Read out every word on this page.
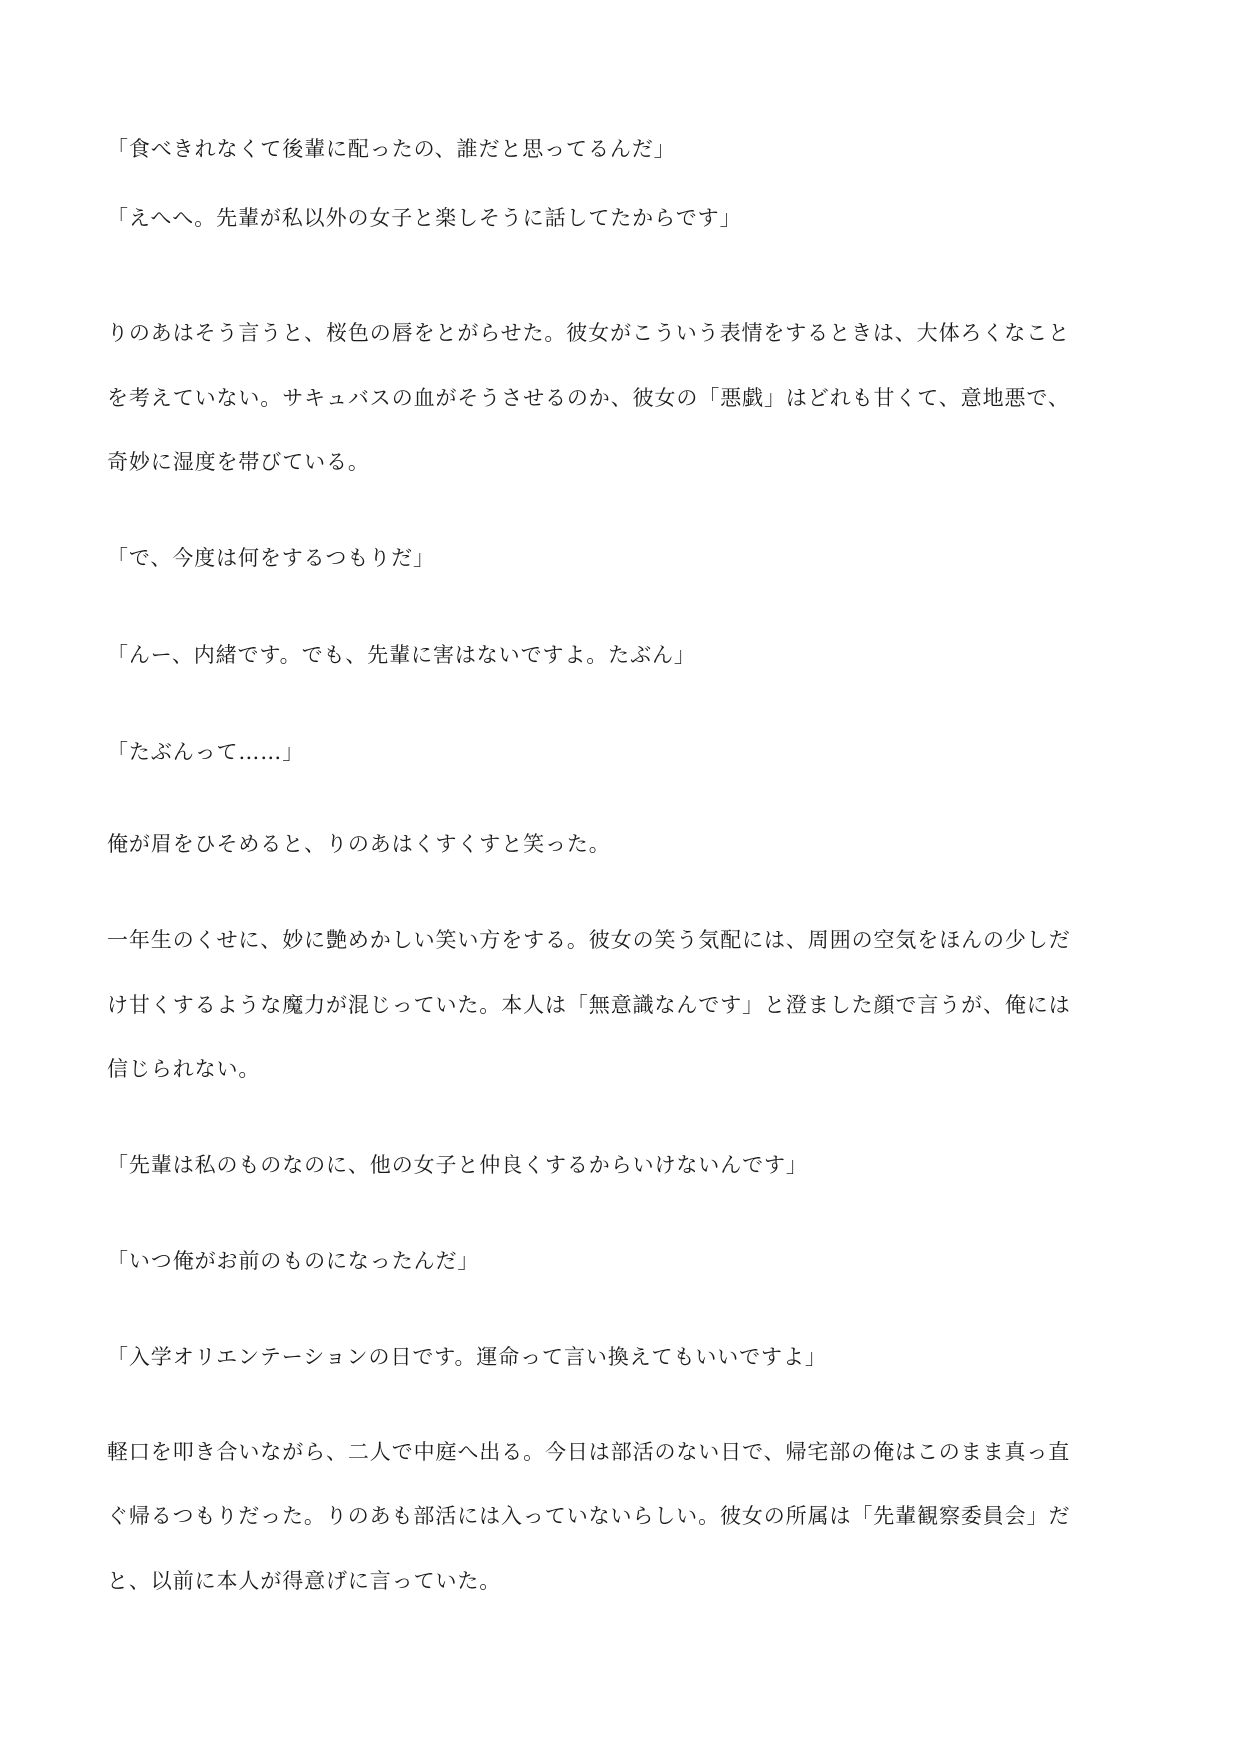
「食べきれなくて後輩に配ったの、誰だと思ってるんだ」

「えへへ。先輩が私以外の女子と楽しそうに話してたからです」

りのあはそう言うと、桜色の唇をとがらせた。彼女がこういう表情をするときは、大体ろくなこと

を考えていない。サキュバスの血がそうさせるのか、彼女の「悪戯」はどれも甘くて、意地悪で、

奇妙に湿度を帯びている。

「で、今度は何をするつもりだ」

「んー、内緒です。でも、先輩に害はないですよ。たぶん」

「たぶんって……」

俺が眉をひそめると、りのあはくすくすと笑った。

一年生のくせに、妙に艶めかしい笑い方をする。彼女の笑う気配には、周囲の空気をほんの少しだ

け甘くするような魔力が混じっていた。本人は「無意識なんです」と澄ました顔で言うが、俺には

信じられない。

「先輩は私のものなのに、他の女子と仲良くするからいけないんです」

「いつ俺がお前のものになったんだ」

「入学オリエンテーションの日です。運命って言い換えてもいいですよ」

軽口を叩き合いながら、二人で中庭へ出る。今日は部活のない日で、帰宅部の俺はこのまま真っ直

ぐ帰るつもりだった。りのあも部活には入っていないらしい。彼女の所属は「先輩観察委員会」だ

と、以前に本人が得意げに言っていた。
